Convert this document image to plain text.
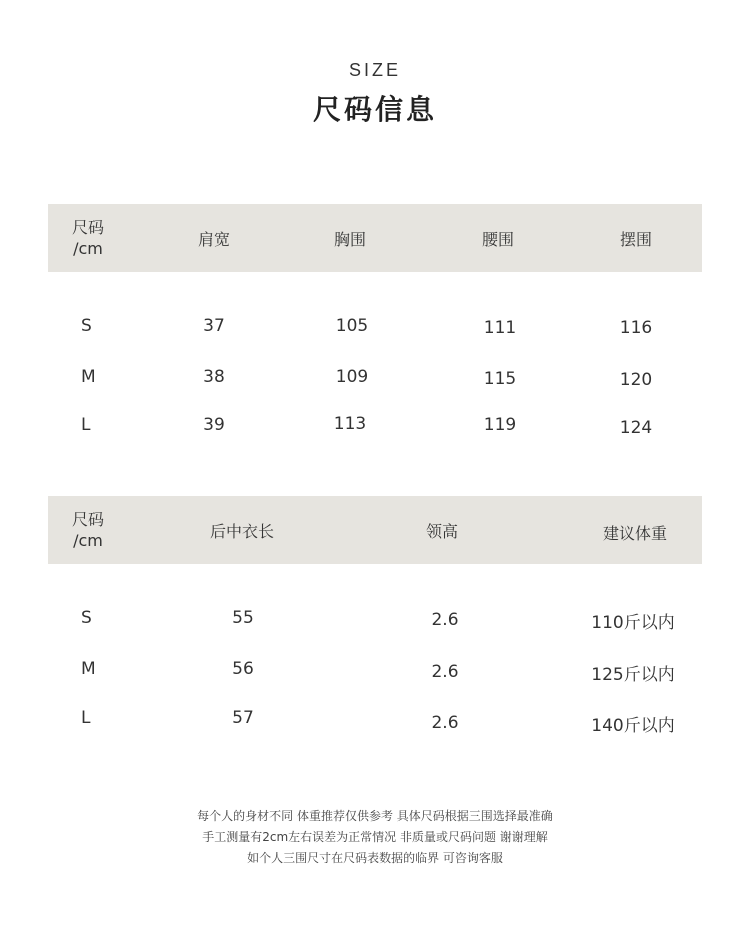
SIZE
尺码信息
尺码
/cm	肩宽	胸围	腰围	摆围
S	37	105	111	116
M	38	109	115	120
L	39	113	119	124
尺码
/cm	后中衣长	领高	建议体重
S	55	2.6	110斤以内
M	56	2.6	125斤以内
L	57	2.6	140斤以内
每个人的身材不同 体重推荐仅供参考 具体尺码根据三围选择最准确
手工测量有2cm左右误差为正常情况 非质量或尺码问题 谢谢理解
如个人三围尺寸在尺码表数据的临界 可咨询客服
